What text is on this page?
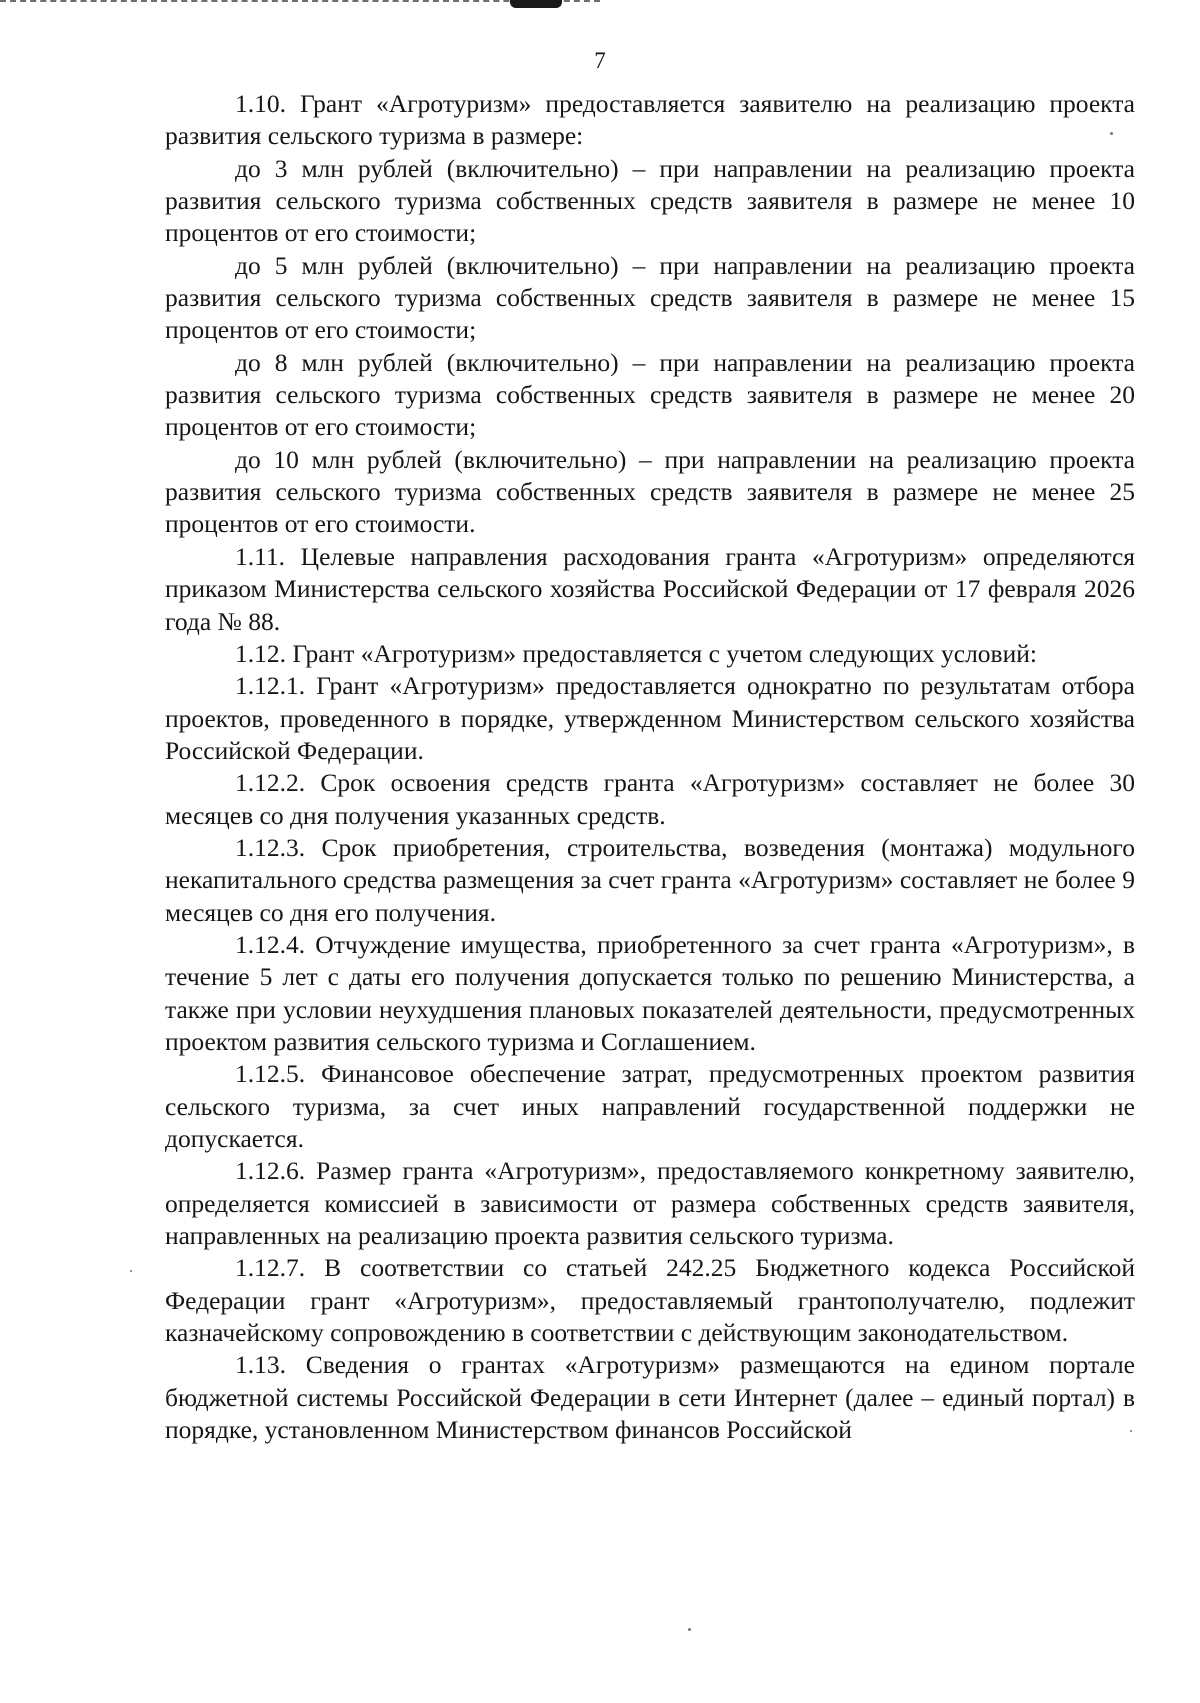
7

1.10. Грант «Агротуризм» предоставляется заявителю на реализацию проекта развития сельского туризма в размере:

до 3 млн рублей (включительно) – при направлении на реализацию проекта развития сельского туризма собственных средств заявителя в размере не менее 10 процентов от его стоимости;

до 5 млн рублей (включительно) – при направлении на реализацию проекта развития сельского туризма собственных средств заявителя в размере не менее 15 процентов от его стоимости;

до 8 млн рублей (включительно) – при направлении на реализацию проекта развития сельского туризма собственных средств заявителя в размере не менее 20 процентов от его стоимости;

до 10 млн рублей (включительно) – при направлении на реализацию проекта развития сельского туризма собственных средств заявителя в размере не менее 25 процентов от его стоимости.

1.11. Целевые направления расходования гранта «Агротуризм» определяются приказом Министерства сельского хозяйства Российской Федерации от 17 февраля 2026 года № 88.

1.12. Грант «Агротуризм» предоставляется с учетом следующих условий:

1.12.1. Грант «Агротуризм» предоставляется однократно по результатам отбора проектов, проведенного в порядке, утвержденном Министерством сельского хозяйства Российской Федерации.

1.12.2. Срок освоения средств гранта «Агротуризм» составляет не более 30 месяцев со дня получения указанных средств.

1.12.3. Срок приобретения, строительства, возведения (монтажа) модульного некапитального средства размещения за счет гранта «Агротуризм» составляет не более 9 месяцев со дня его получения.

1.12.4. Отчуждение имущества, приобретенного за счет гранта «Агротуризм», в течение 5 лет с даты его получения допускается только по решению Министерства, а также при условии неухудшения плановых показателей деятельности, предусмотренных проектом развития сельского туризма и Соглашением.

1.12.5. Финансовое обеспечение затрат, предусмотренных проектом развития сельского туризма, за счет иных направлений государственной поддержки не допускается.

1.12.6. Размер гранта «Агротуризм», предоставляемого конкретному заявителю, определяется комиссией в зависимости от размера собственных средств заявителя, направленных на реализацию проекта развития сельского туризма.

1.12.7. В соответствии со статьей 242.25 Бюджетного кодекса Российской Федерации грант «Агротуризм», предоставляемый грантополучателю, подлежит казначейскому сопровождению в соответствии с действующим законодательством.

1.13. Сведения о грантах «Агротуризм» размещаются на едином портале бюджетной системы Российской Федерации в сети Интернет (далее – единый портал) в порядке, установленном Министерством финансов Российской
